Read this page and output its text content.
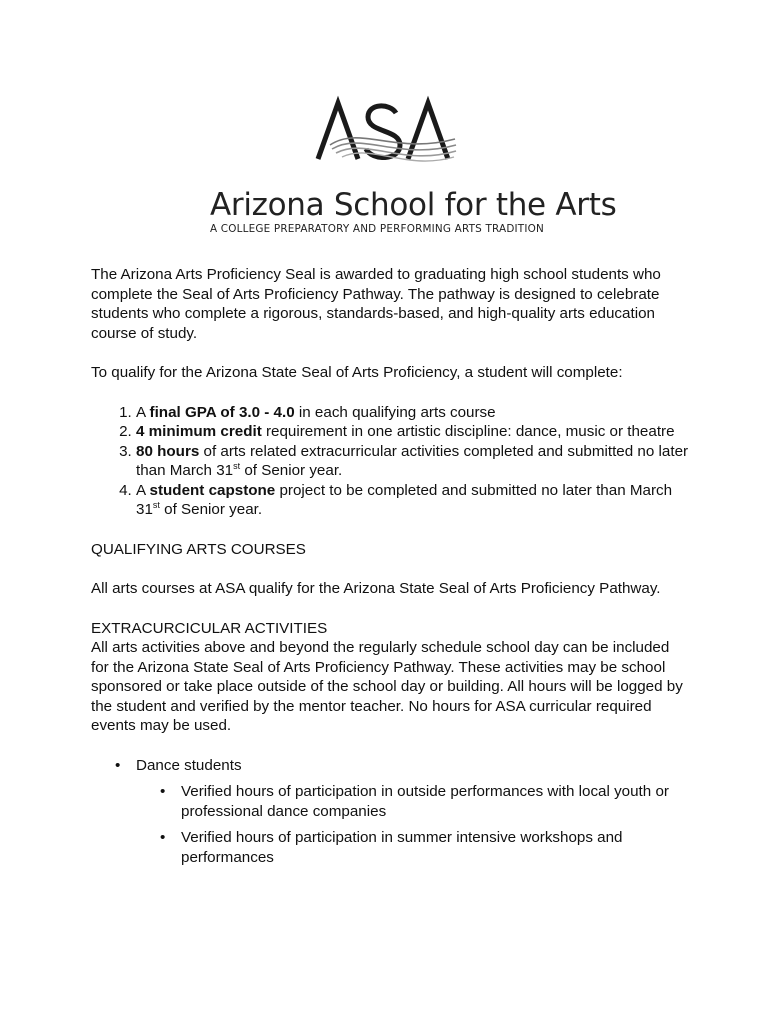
Arizona School for the Arts
A COLLEGE PREPARATORY AND PERFORMING ARTS TRADITION

The Arizona Arts Proficiency Seal is awarded to graduating high school students who complete the Seal of Arts Proficiency Pathway. The pathway is designed to celebrate students who complete a rigorous, standards-based, and high-quality arts education course of study.

To qualify for the Arizona State Seal of Arts Proficiency, a student will complete:

1. A final GPA of 3.0 - 4.0 in each qualifying arts course
2. 4 minimum credit requirement in one artistic discipline: dance, music or theatre
3. 80 hours of arts related extracurricular activities completed and submitted no later than March 31st of Senior year.
4. A student capstone project to be completed and submitted no later than March 31st of Senior year.

QUALIFYING ARTS COURSES

All arts courses at ASA qualify for the Arizona State Seal of Arts Proficiency Pathway.

EXTRACURCICULAR ACTIVITIES

All arts activities above and beyond the regularly schedule school day can be included for the Arizona State Seal of Arts Proficiency Pathway. These activities may be school sponsored or take place outside of the school day or building. All hours will be logged by the student and verified by the mentor teacher. No hours for ASA curricular required events may be used.

• Dance students
• Verified hours of participation in outside performances with local youth or professional dance companies
• Verified hours of participation in summer intensive workshops and performances
